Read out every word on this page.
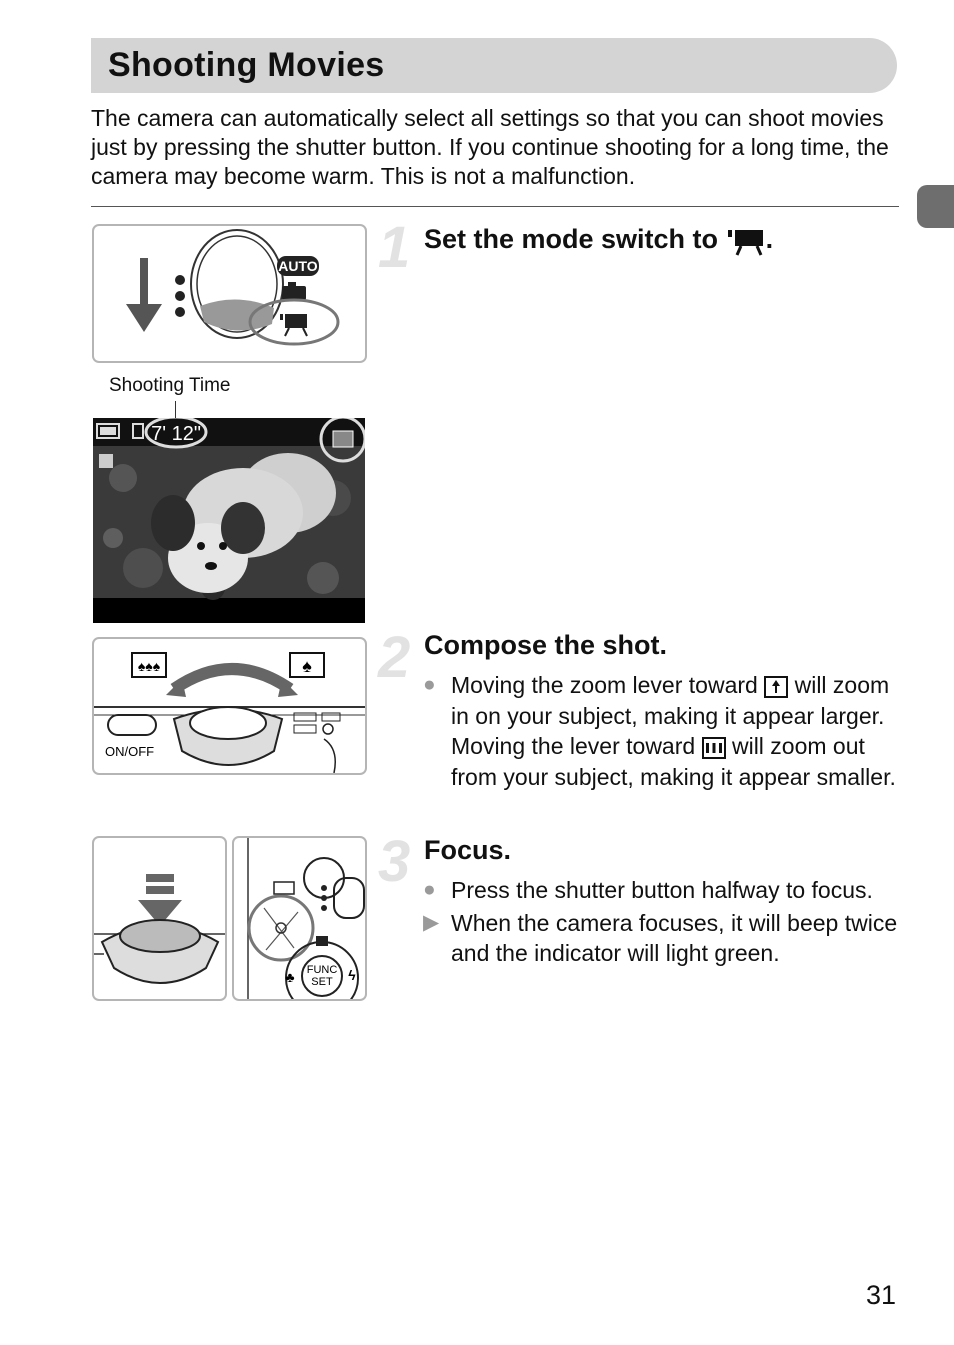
Shooting Movies

The camera can automatically select all settings so that you can shoot movies just by pressing the shutter button. If you continue shooting for a long time, the camera may become warm. This is not a malfunction.

AUTO 1 Set the mode switch to .
Shooting Time
7' 12"
♠♠♠	♠
ON/OFF
2 Compose the shot.
● Moving the zoom lever toward will zoom in on your subject, making it appear larger. Moving the lever toward will zoom out from your subject, making it appear smaller.
FUNC
SET ϟ
♣
3 Focus.
● Press the shutter button halfway to focus.
▶ When the camera focuses, it will beep twice and the indicator will light green.
31
